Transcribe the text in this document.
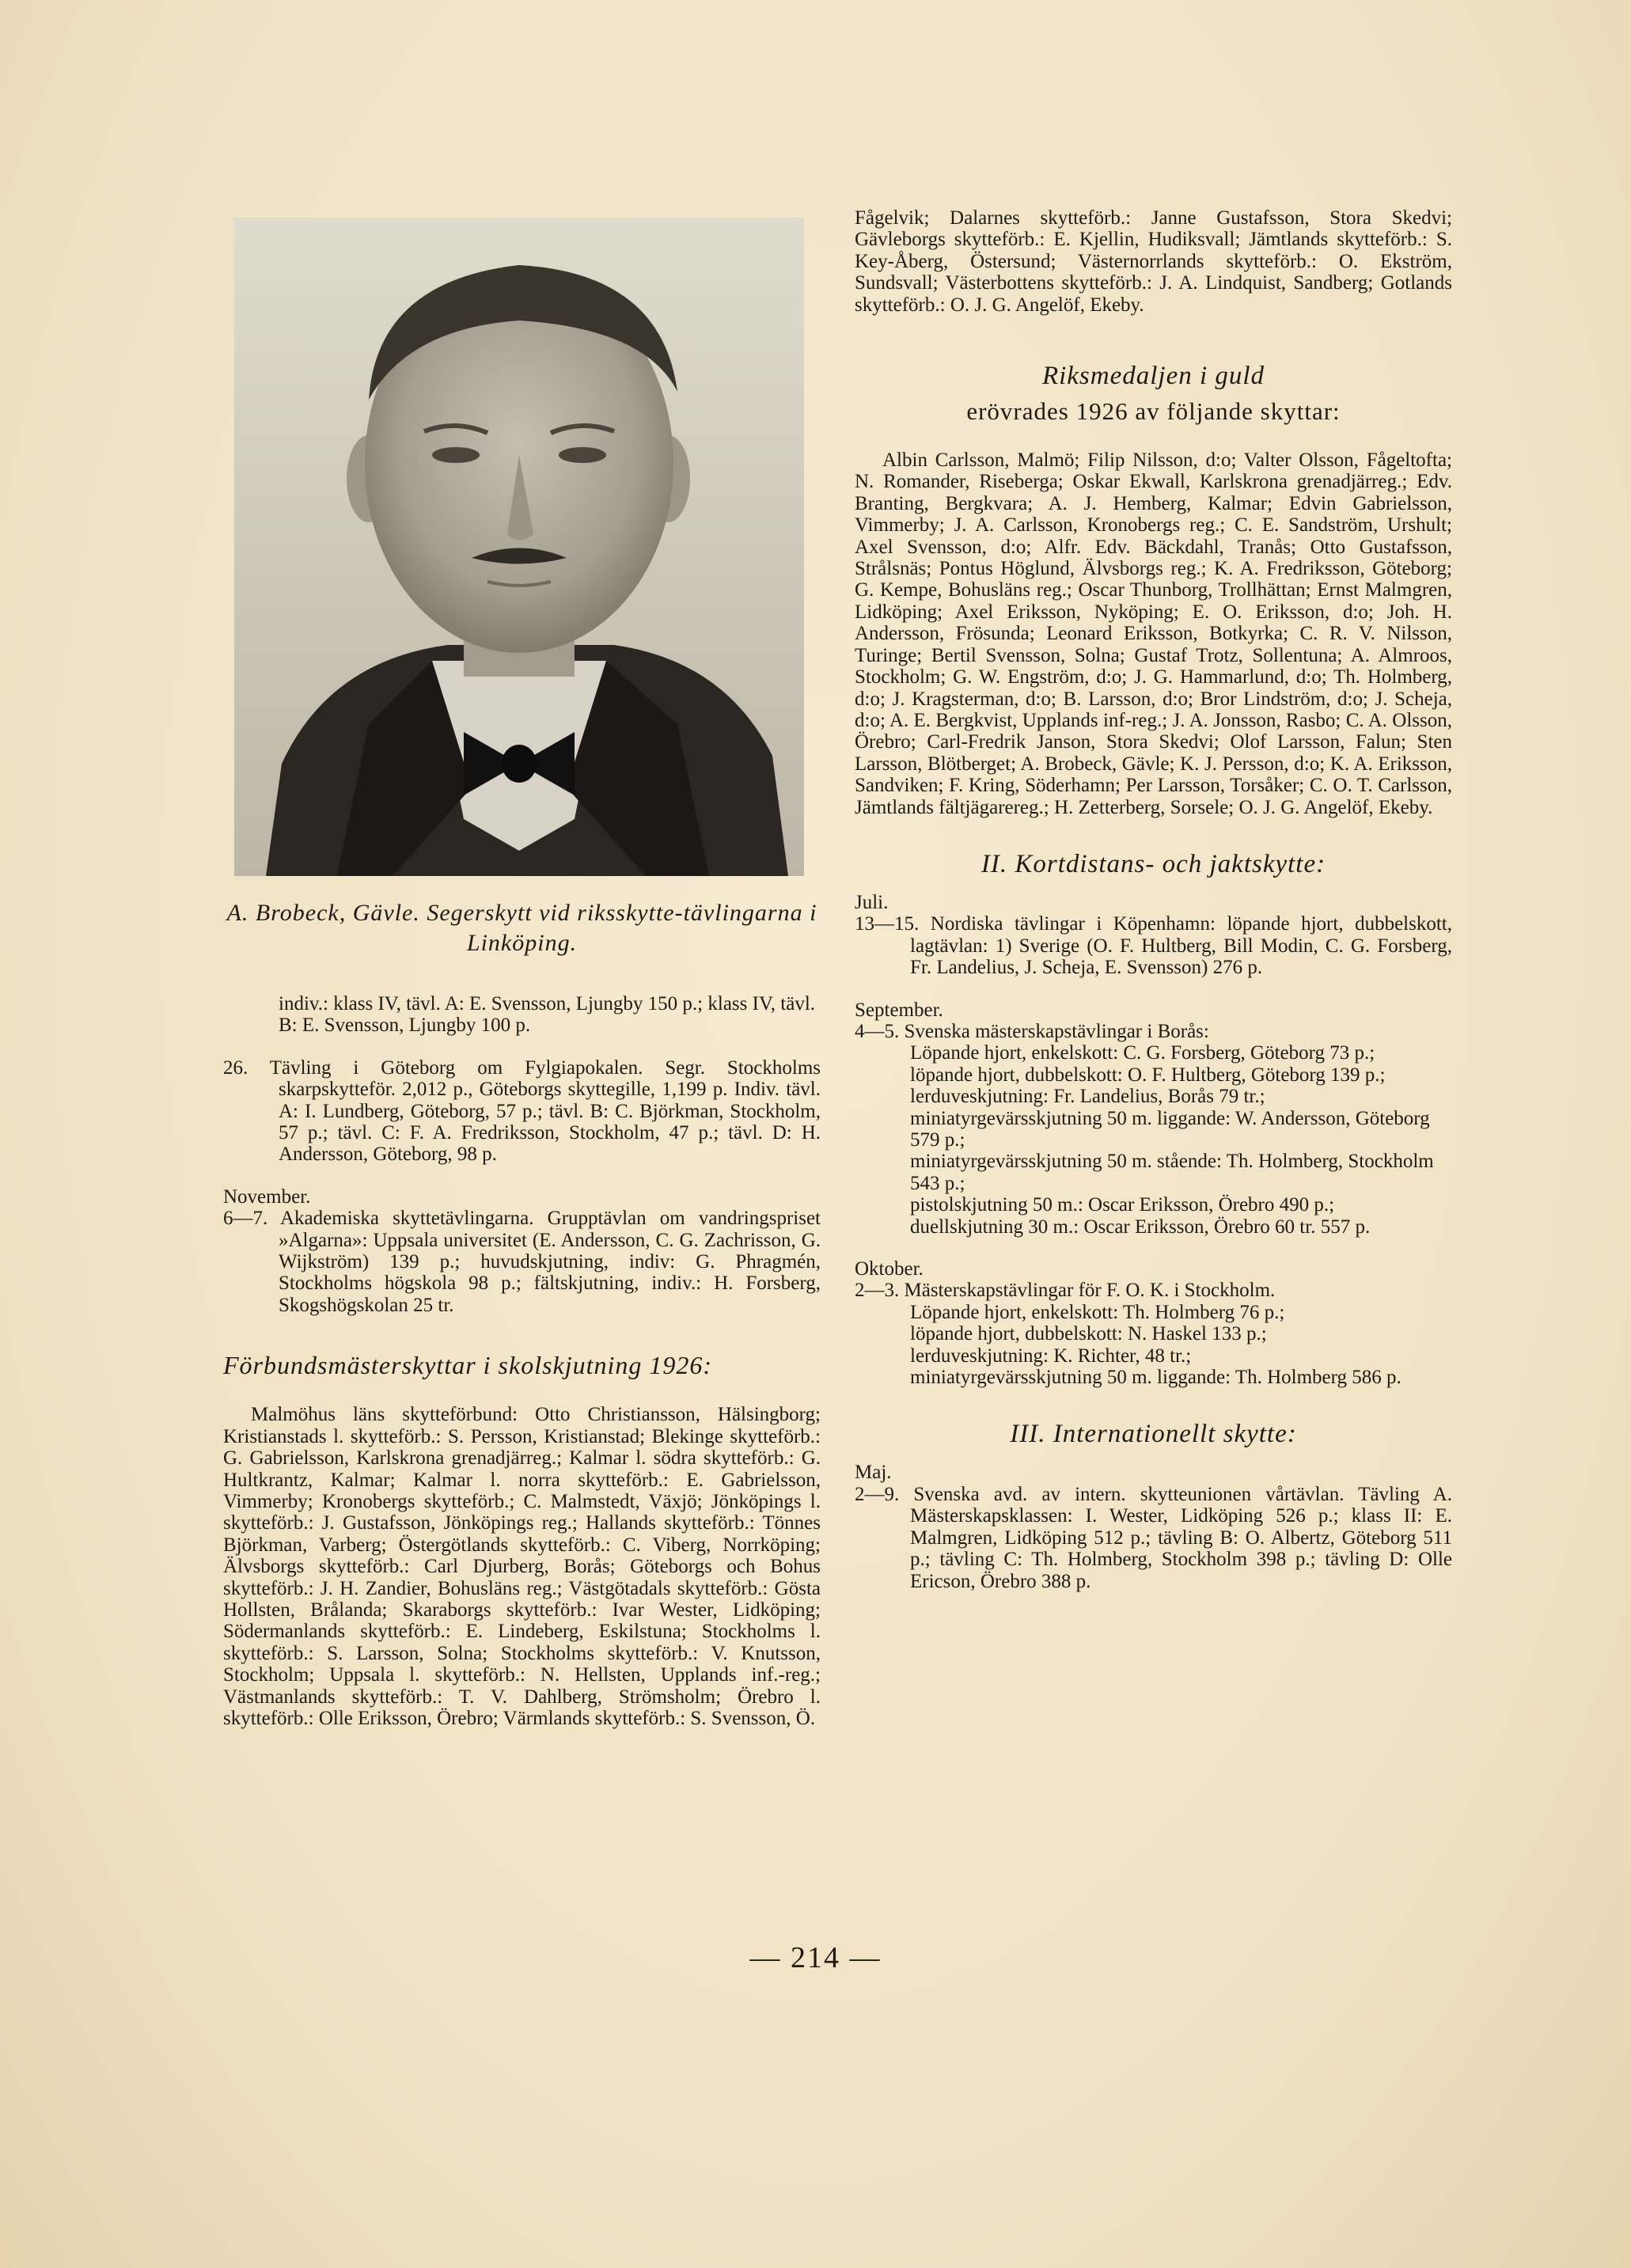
A. Brobeck, Gävle. Segerskytt vid riksskytte-tävlingarna i Linköping.

indiv.: klass IV, tävl. A: E. Svensson, Ljungby 150 p.; klass IV, tävl. B: E. Svensson, Ljungby 100 p.

26. Tävling i Göteborg om Fylgiapokalen. Segr. Stockholms skarpskytteför. 2,012 p., Göteborgs skyttegille, 1,199 p. Indiv. tävl. A: I. Lundberg, Göteborg, 57 p.; tävl. B: C. Björkman, Stockholm, 57 p.; tävl. C: F. A. Fredriksson, Stockholm, 47 p.; tävl. D: H. Andersson, Göteborg, 98 p.

November.

6—7. Akademiska skyttetävlingarna. Grupptävlan om vandringspriset »Algarna»: Uppsala universitet (E. Andersson, C. G. Zachrisson, G. Wijkström) 139 p.; huvudskjutning, indiv: G. Phragmén, Stockholms högskola 98 p.; fältskjutning, indiv.: H. Forsberg, Skogshögskolan 25 tr.

Förbundsmästerskyttar i skolskjutning 1926:

Malmöhus läns skytteförbund: Otto Christiansson, Hälsingborg; Kristianstads l. skytteförb.: S. Persson, Kristianstad; Blekinge skytteförb.: G. Gabrielsson, Karlskrona grenadjärreg.; Kalmar l. södra skytteförb.: G. Hultkrantz, Kalmar; Kalmar l. norra skytteförb.: E. Gabrielsson, Vimmerby; Kronobergs skytteförb.; C. Malmstedt, Växjö; Jönköpings l. skytteförb.: J. Gustafsson, Jönköpings reg.; Hallands skytteförb.: Tönnes Björkman, Varberg; Östergötlands skytteförb.: C. Viberg, Norrköping; Älvsborgs skytteförb.: Carl Djurberg, Borås; Göteborgs och Bohus skytteförb.: J. H. Zandier, Bohusläns reg.; Västgötadals skytteförb.: Gösta Hollsten, Brålanda; Skaraborgs skytteförb.: Ivar Wester, Lidköping; Södermanlands skytteförb.: E. Lindeberg, Eskilstuna; Stockholms l. skytteförb.: S. Larsson, Solna; Stockholms skytteförb.: V. Knutsson, Stockholm; Uppsala l. skytteförb.: N. Hellsten, Upplands inf.-reg.; Västmanlands skytteförb.: T. V. Dahlberg, Strömsholm; Örebro l. skytteförb.: Olle Eriksson, Örebro; Värmlands skytteförb.: S. Svensson, Ö.

Fågelvik; Dalarnes skytteförb.: Janne Gustafsson, Stora Skedvi; Gävleborgs skytteförb.: E. Kjellin, Hudiksvall; Jämtlands skytteförb.: S. Key-Åberg, Östersund; Västernorrlands skytteförb.: O. Ekström, Sundsvall; Västerbottens skytteförb.: J. A. Lindquist, Sandberg; Gotlands skytteförb.: O. J. G. Angelöf, Ekeby.

Riksmedaljen i guld

erövrades 1926 av följande skyttar:

Albin Carlsson, Malmö; Filip Nilsson, d:o; Valter Olsson, Fågeltofta; N. Romander, Riseberga; Oskar Ekwall, Karlskrona grenadjärreg.; Edv. Branting, Bergkvara; A. J. Hemberg, Kalmar; Edvin Gabrielsson, Vimmerby; J. A. Carlsson, Kronobergs reg.; C. E. Sandström, Urshult; Axel Svensson, d:o; Alfr. Edv. Bäckdahl, Tranås; Otto Gustafsson, Strålsnäs; Pontus Höglund, Älvsborgs reg.; K. A. Fredriksson, Göteborg; G. Kempe, Bohusläns reg.; Oscar Thunborg, Trollhättan; Ernst Malmgren, Lidköping; Axel Eriksson, Nyköping; E. O. Eriksson, d:o; Joh. H. Andersson, Frösunda; Leonard Eriksson, Botkyrka; C. R. V. Nilsson, Turinge; Bertil Svensson, Solna; Gustaf Trotz, Sollentuna; A. Almroos, Stockholm; G. W. Engström, d:o; J. G. Hammarlund, d:o; Th. Holmberg, d:o; J. Kragsterman, d:o; B. Larsson, d:o; Bror Lindström, d:o; J. Scheja, d:o; A. E. Bergkvist, Upplands inf-reg.; J. A. Jonsson, Rasbo; C. A. Olsson, Örebro; Carl-Fredrik Janson, Stora Skedvi; Olof Larsson, Falun; Sten Larsson, Blötberget; A. Brobeck, Gävle; K. J. Persson, d:o; K. A. Eriksson, Sandviken; F. Kring, Söderhamn; Per Larsson, Torsåker; C. O. T. Carlsson, Jämtlands fältjägarereg.; H. Zetterberg, Sorsele; O. J. G. Angelöf, Ekeby.

II. Kortdistans- och jaktskytte:

Juli.

13—15. Nordiska tävlingar i Köpenhamn: löpande hjort, dubbelskott, lagtävlan: 1) Sverige (O. F. Hultberg, Bill Modin, C. G. Forsberg, Fr. Landelius, J. Scheja, E. Svensson) 276 p.

September.

4—5. Svenska mästerskapstävlingar i Borås:

Löpande hjort, enkelskott: C. G. Forsberg, Göteborg 73 p.;

löpande hjort, dubbelskott: O. F. Hultberg, Göteborg 139 p.;

lerduveskjutning: Fr. Landelius, Borås 79 tr.;

miniatyrgevärsskjutning 50 m. liggande: W. Andersson, Göteborg 579 p.;

miniatyrgevärsskjutning 50 m. stående: Th. Holmberg, Stockholm 543 p.;

pistolskjutning 50 m.: Oscar Eriksson, Örebro 490 p.;

duellskjutning 30 m.: Oscar Eriksson, Örebro 60 tr. 557 p.

Oktober.

2—3. Mästerskapstävlingar för F. O. K. i Stockholm.

Löpande hjort, enkelskott: Th. Holmberg 76 p.;

löpande hjort, dubbelskott: N. Haskel 133 p.;

lerduveskjutning: K. Richter, 48 tr.;

miniatyrgevärsskjutning 50 m. liggande: Th. Holmberg 586 p.

III. Internationellt skytte:

Maj.

2—9. Svenska avd. av intern. skytteunionen vårtävlan. Tävling A. Mästerskapsklassen: I. Wester, Lidköping 526 p.; klass II: E. Malmgren, Lidköping 512 p.; tävling B: O. Albertz, Göteborg 511 p.; tävling C: Th. Holmberg, Stockholm 398 p.; tävling D: Olle Ericson, Örebro 388 p.

— 214 —
